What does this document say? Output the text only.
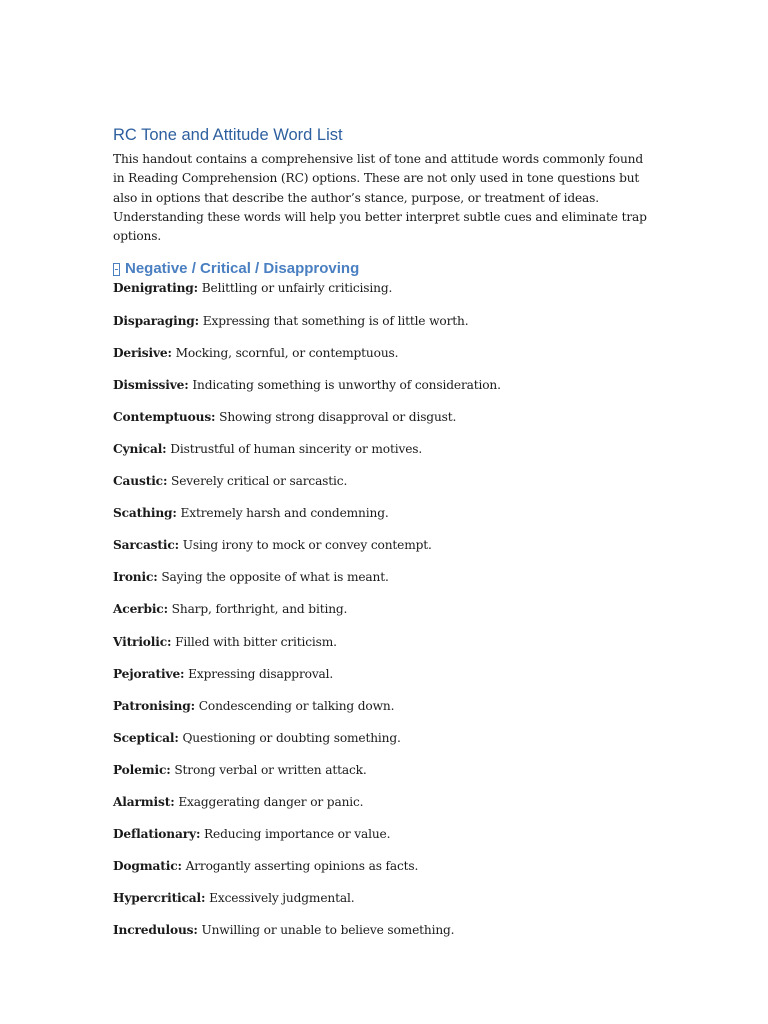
RC Tone and Attitude Word List

This handout contains a comprehensive list of tone and attitude words commonly found in Reading Comprehension (RC) options. These are not only used in tone questions but also in options that describe the author’s stance, purpose, or treatment of ideas. Understanding these words will help you better interpret subtle cues and eliminate trap options.

Negative / Critical / Disapproving
Denigrating: Belittling or unfairly criticising.
Disparaging: Expressing that something is of little worth.
Derisive: Mocking, scornful, or contemptuous.
Dismissive: Indicating something is unworthy of consideration.
Contemptuous: Showing strong disapproval or disgust.
Cynical: Distrustful of human sincerity or motives.
Caustic: Severely critical or sarcastic.
Scathing: Extremely harsh and condemning.
Sarcastic: Using irony to mock or convey contempt.
Ironic: Saying the opposite of what is meant.
Acerbic: Sharp, forthright, and biting.
Vitriolic: Filled with bitter criticism.
Pejorative: Expressing disapproval.
Patronising: Condescending or talking down.
Sceptical: Questioning or doubting something.
Polemic: Strong verbal or written attack.
Alarmist: Exaggerating danger or panic.
Deflationary: Reducing importance or value.
Dogmatic: Arrogantly asserting opinions as facts.
Hypercritical: Excessively judgmental.
Incredulous: Unwilling or unable to believe something.
